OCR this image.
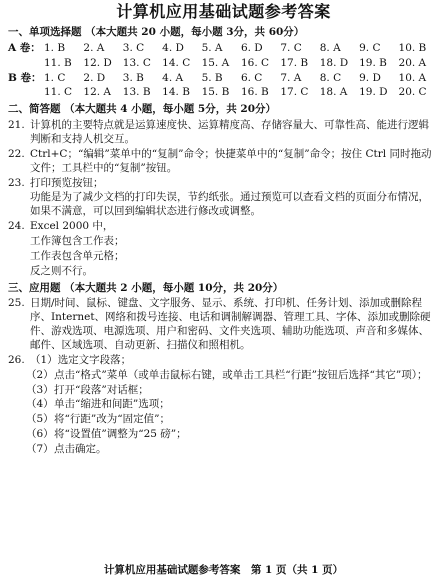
计算机应用基础试题参考答案
一、单项选择题 （本大题共 20 小题，每小题 3分，共 60分）
A 卷： 1. B	2. A	3. C	4. D	5. A	6. D	7. C	8. A	9. C	10. B
11. B	12. D	13. C	14. C	15. A	16. C	17. B	18. D	19. B	20. A
B 卷： 1. C	2. D	3. B	4. A	5. B	6. C	7. A	8. C	9. D	10. A
11. C	12. A	13. B	14. B	15. B	16. B	17. C	18. A	19. D	20. C
二、简答题 （本大题共 4 小题，每小题 5分，共 20分）
21. 计算机的主要特点就是运算速度快、运算精度高、存储容量大、可靠性高、能进行逻辑判断和支持人机交互。
22. Ctrl+C；“编辑”菜单中的“复制”命令；快捷菜单中的“复制”命令；按住 Ctrl 同时拖动文件；工具栏中的“复制”按钮。
23. 打印预览按钮；
功能是为了减少文档的打印失误，节约纸张。通过预览可以查看文档的页面分布情况，如果不满意，可以回到编辑状态进行修改或调整。
24. Excel 2000 中，
工作簿包含工作表；
工作表包含单元格；
反之则不行。
三、应用题 （本大题共 2 小题，每小题 10分，共 20分）
25. 日期/时间、鼠标、键盘、文字服务、显示、系统、打印机、任务计划、添加或删除程序、Internet、网络和拨号连接、电话和调制解调器、管理工具、字体、添加或删除硬件、游戏选项、电源选项、用户和密码、文件夹选项、辅助功能选项、声音和多媒体、邮件、区域选项、自动更新、扫描仪和照相机。
26. （1）选定文字段落；
（2） 点击“格式”菜单（或单击鼠标右键，或单击工具栏“行距”按钮后选择“其它”项）；
（3） 打开“段落”对话框；
（4） 单击“缩进和间距”选项；
（5） 将“行距”改为“固定值”；
（6） 将“设置值”调整为“25 磅”；
（7） 点击确定。
计算机应用基础试题参考答案　第 1 页（共 1 页）
